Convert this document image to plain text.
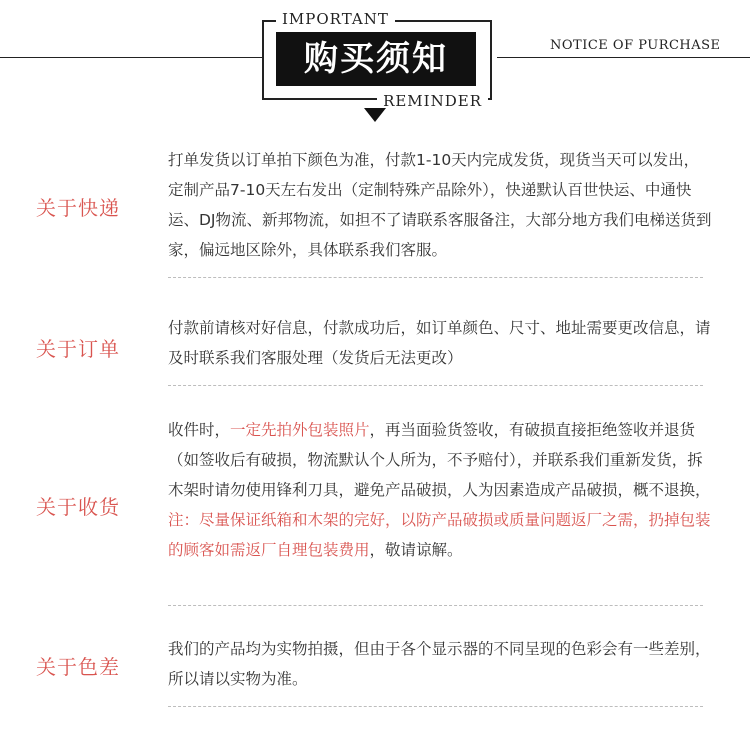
购买须知
IMPORTANT
REMINDER
NOTICE OF PURCHASE
关于快递
打单发货以订单拍下颜色为准，付款1-10天内完成发货，现货当天可以发出，定制产品7-10天左右发出（定制特殊产品除外），快递默认百世快运、中通快运、DJ物流、新邦物流，如担不了请联系客服备注，大部分地方我们电梯送货到家，偏远地区除外，具体联系我们客服。
关于订单
付款前请核对好信息，付款成功后，如订单颜色、尺寸、地址需要更改信息，请及时联系我们客服处理（发货后无法更改）
关于收货
收件时，一定先拍外包装照片，再当面验货签收，有破损直接拒绝签收并退货（如签收后有破损，物流默认个人所为，不予赔付），并联系我们重新发货，拆木架时请勿使用锋利刀具，避免产品破损，人为因素造成产品破损，概不退换，注：尽量保证纸箱和木架的完好，以防产品破损或质量问题返厂之需，扔掉包装的顾客如需返厂自理包装费用，敬请谅解。
关于色差
我们的产品均为实物拍摄，但由于各个显示器的不同呈现的色彩会有一些差别，所以请以实物为准。
